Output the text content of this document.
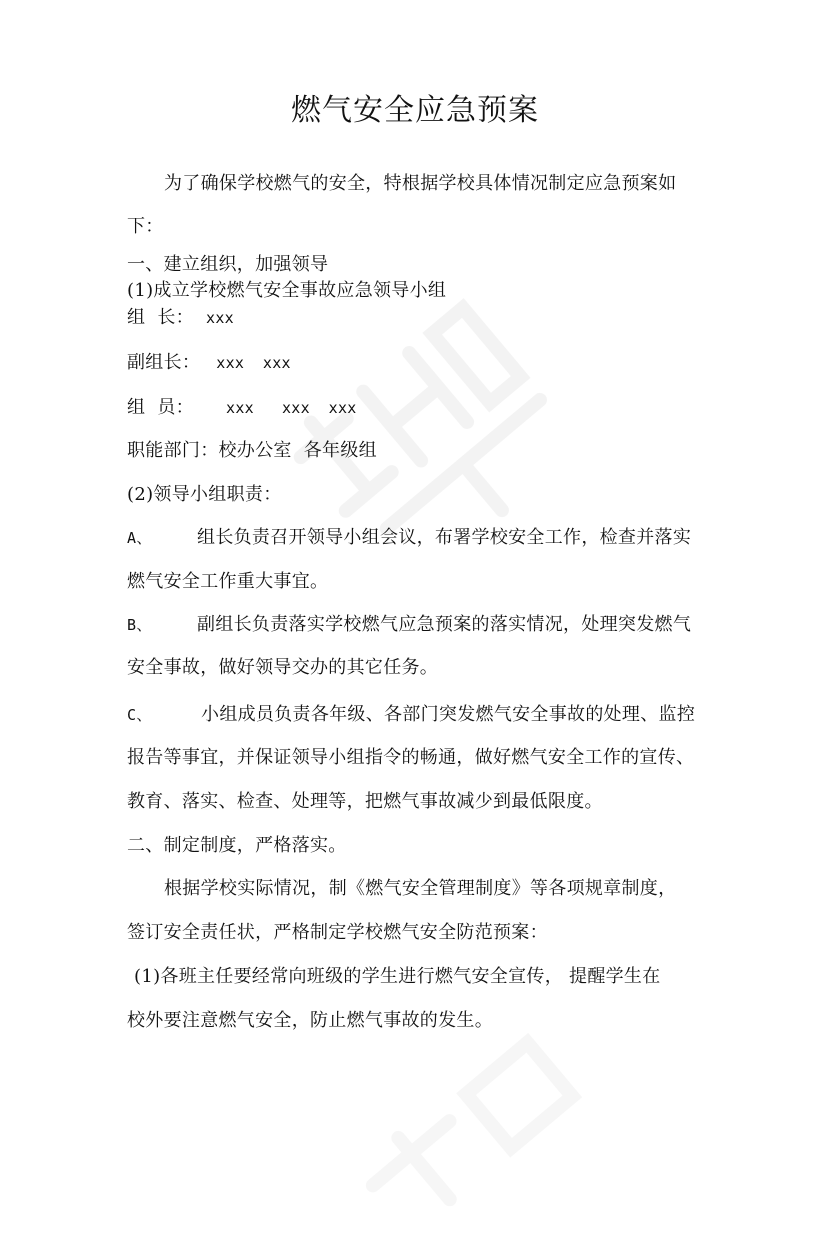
燃气安全应急预案
为了确保学校燃气的安全，特根据学校具体情况制定应急预案如
下：
一、建立组织，加强领导
(1)成立学校燃气安全事故应急领导小组
组  长： xxx
副组长： xxx  xxx
组  员： xxx   xxx  xxx
职能部门：校办公室  各年级组
(2)领导小组职责：
A、	组长负责召开领导小组会议，布署学校安全工作，检查并落实
燃气安全工作重大事宜。
B、	副组长负责落实学校燃气应急预案的落实情况，处理突发燃气
安全事故，做好领导交办的其它任务。
C、	小组成员负责各年级、各部门突发燃气安全事故的处理、监控
报告等事宜，并保证领导小组指令的畅通，做好燃气安全工作的宣传、
教育、落实、检查、处理等，把燃气事故减少到最低限度。
二、制定制度，严格落实。
根据学校实际情况，制《燃气安全管理制度》等各项规章制度，
签订安全责任状，严格制定学校燃气安全防范预案：
(1)各班主任要经常向班级的学生进行燃气安全宣传， 提醒学生在
校外要注意燃气安全，防止燃气事故的发生。
